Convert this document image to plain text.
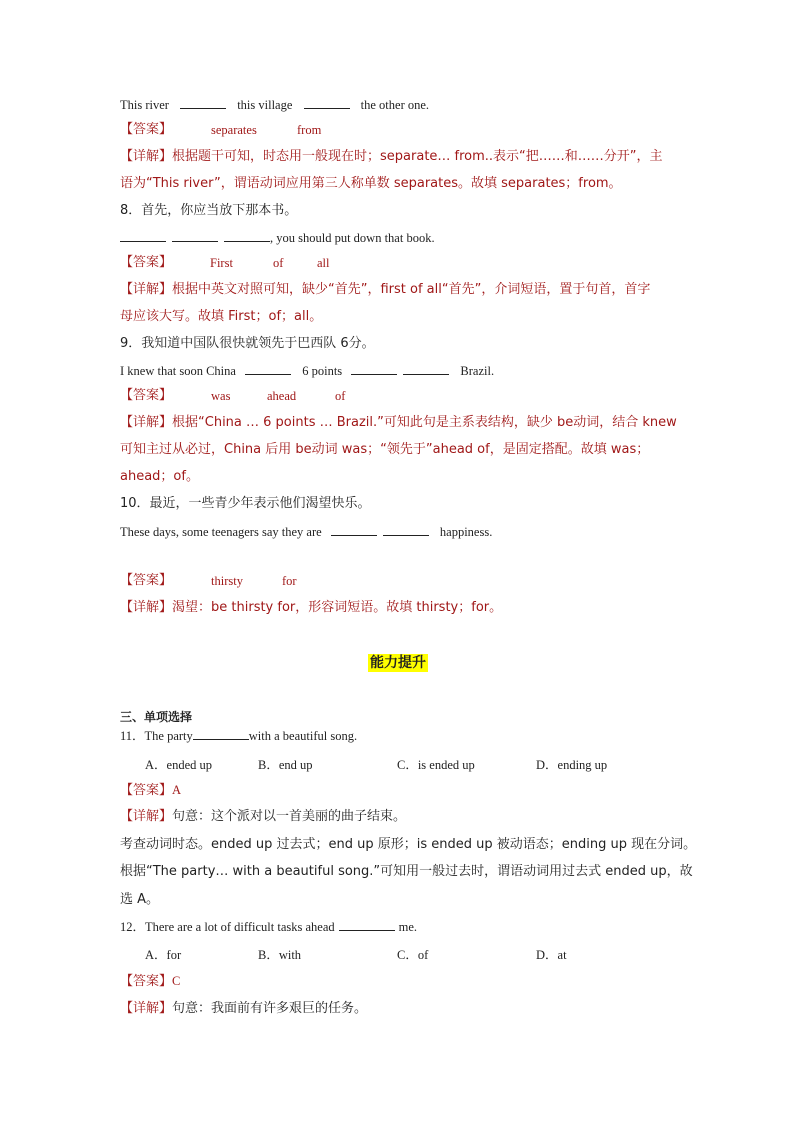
This river	this village	the other one.
【答案】	separates	from
【详解】根据题干可知，时态用一般现在时；separate… from..表示“把……和……分开”，主
语为“This river”，谓语动词应用第三人称单数 separates。故填 separates；from。
8．首先，你应当放下那本书。
, you should put down that book.
【答案】	First	of	all
【详解】根据中英文对照可知，缺少“首先”，first of all“首先”，介词短语，置于句首，首字
母应该大写。故填 First；of；all。
9．我知道中国队很快就领先于巴西队 6分。
I knew that soon China	6 points	Brazil.
【答案】	was	ahead	of
【详解】根据“China … 6 points … Brazil.”可知此句是主系表结构，缺少 be动词，结合 knew
可知主过从必过，China 后用 be动词 was；“领先于”ahead of，是固定搭配。故填 was；
ahead；of。
10．最近，一些青少年表示他们渴望快乐。
These days, some teenagers say they are	happiness.
【答案】	thirsty	for
【详解】渴望：be thirsty for，形容词短语。故填 thirsty；for。
能力提升
三、单项选择
11．The party	with a beautiful song.
A．ended up	B．end up	C．is ended up	D．ending up
【答案】A
【详解】句意：这个派对以一首美丽的曲子结束。
考查动词时态。ended up 过去式；end up 原形；is ended up 被动语态；ending up 现在分词。
根据“The party… with a beautiful song.”可知用一般过去时，谓语动词用过去式 ended up，故
选 A。
12．There are a lot of difficult tasks ahead	me.
A．for	B．with	C．of	D．at
【答案】C
【详解】句意：我面前有许多艰巨的任务。
